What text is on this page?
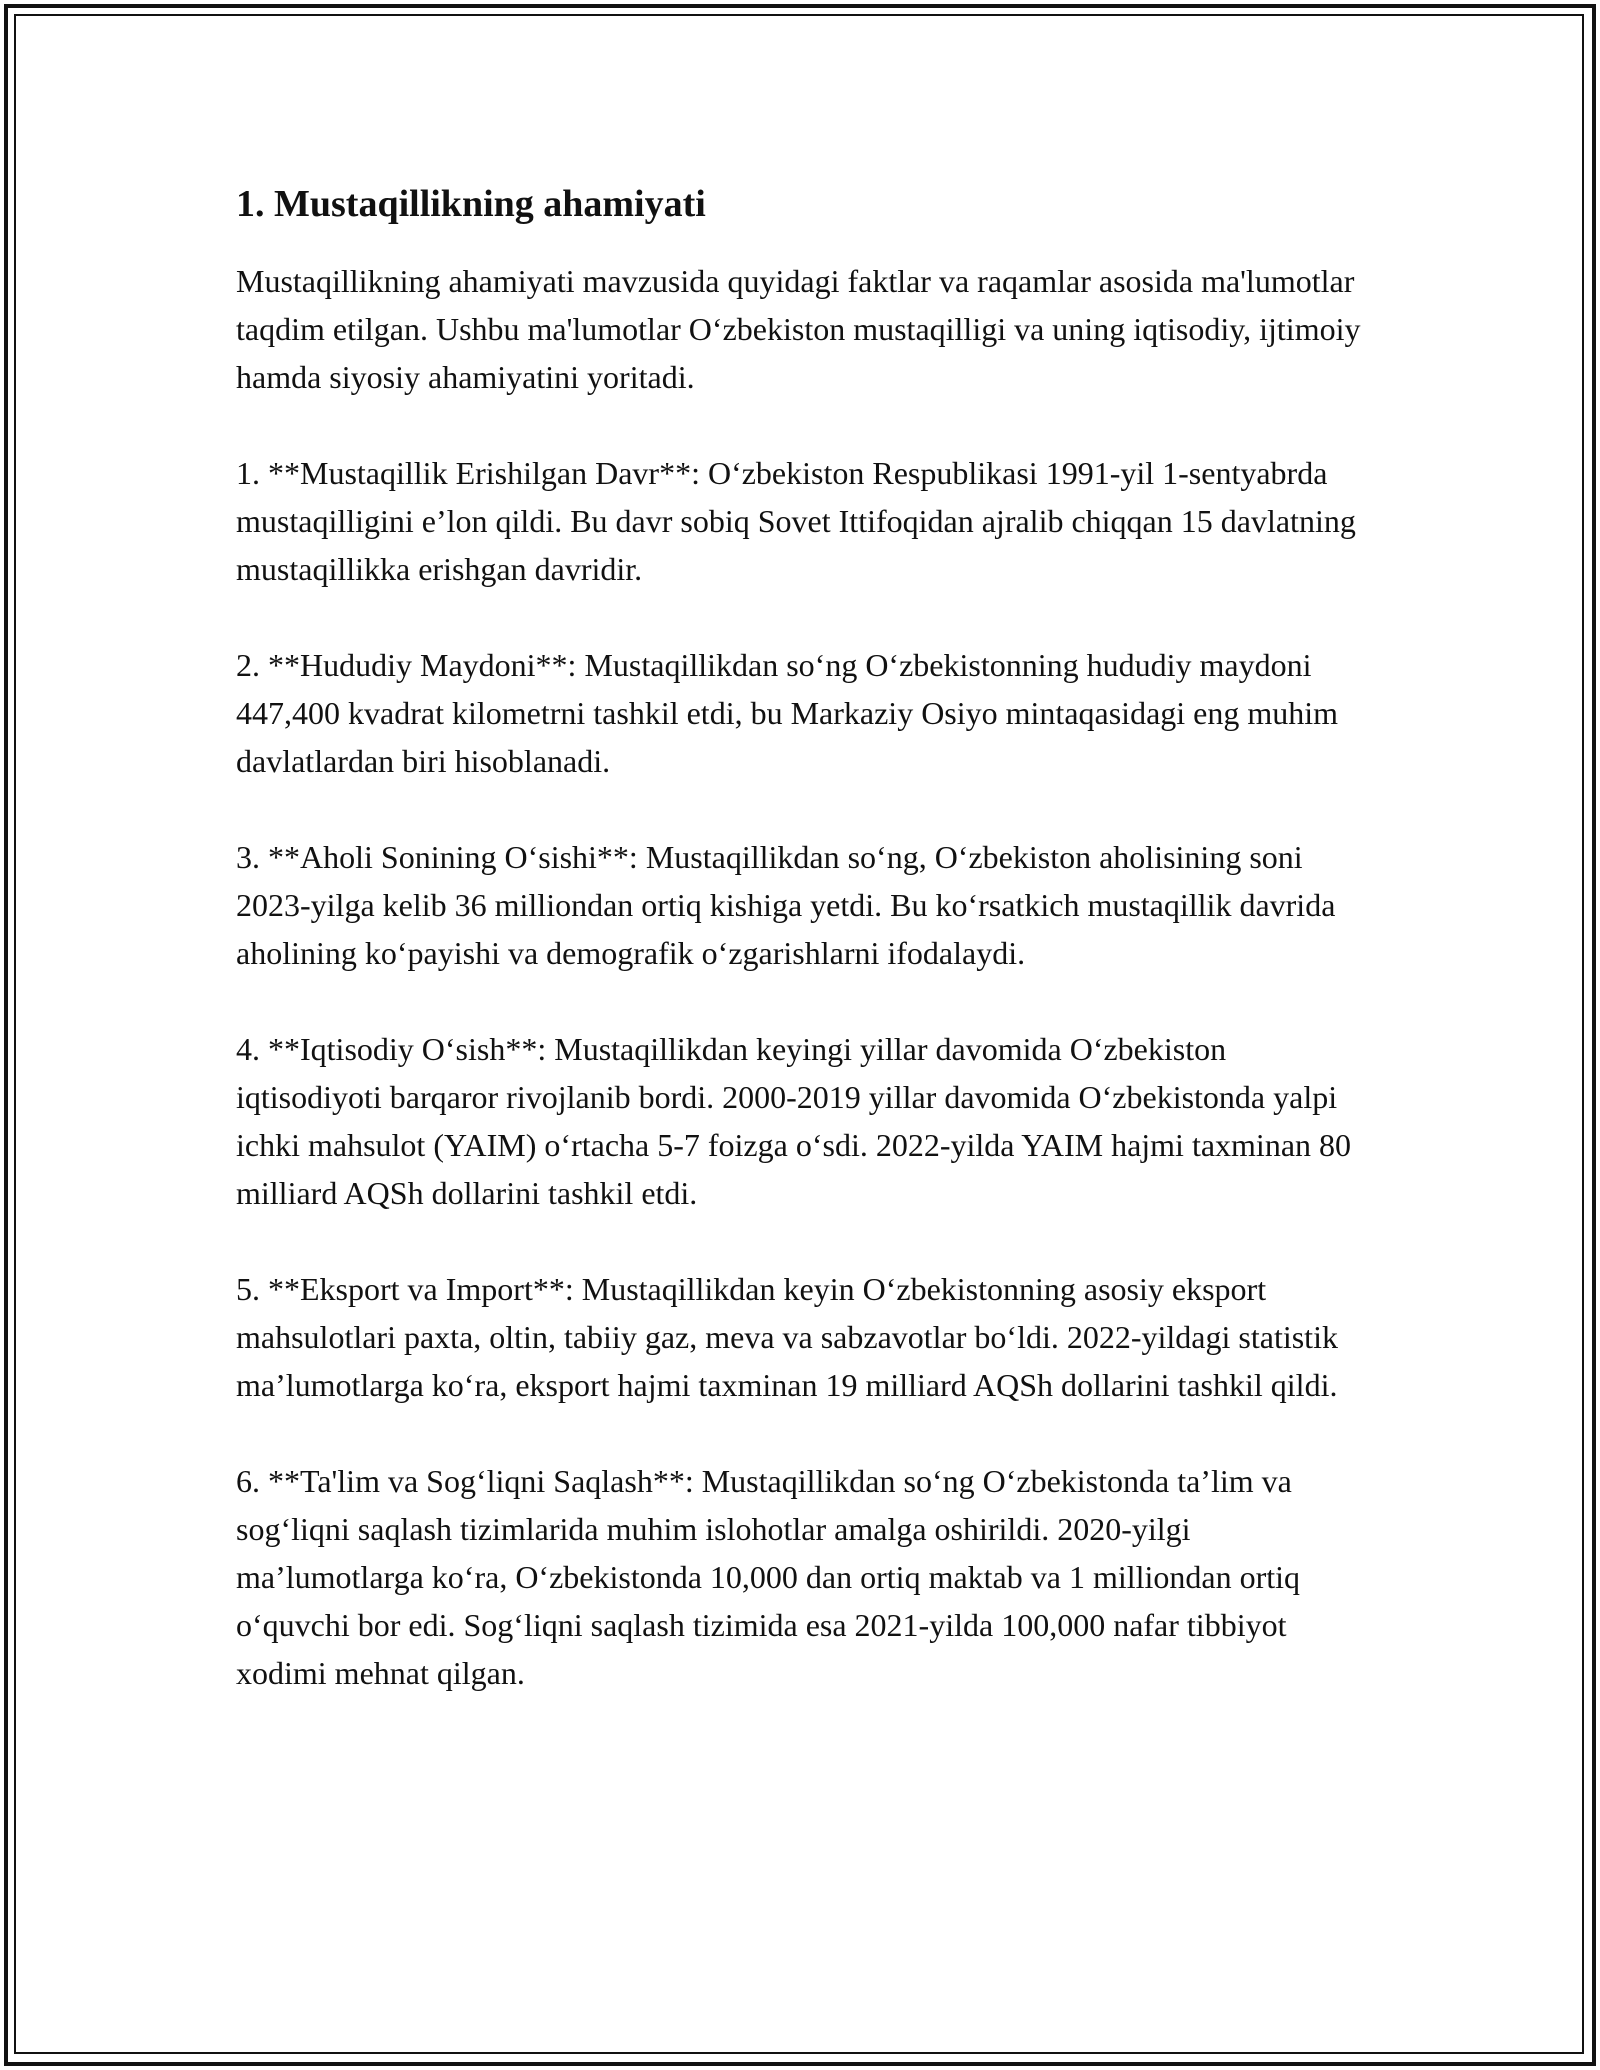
1. Mustaqillikning ahamiyati

Mustaqillikning ahamiyati mavzusida quyidagi faktlar va raqamlar asosida ma'lumotlar taqdim etilgan. Ushbu ma'lumotlar O‘zbekiston mustaqilligi va uning iqtisodiy, ijtimoiy hamda siyosiy ahamiyatini yoritadi.

1. **Mustaqillik Erishilgan Davr**: O‘zbekiston Respublikasi 1991-yil 1-sentyabrda mustaqilligini e’lon qildi. Bu davr sobiq Sovet Ittifoqidan ajralib chiqqan 15 davlatning mustaqillikka erishgan davridir.

2. **Hududiy Maydoni**: Mustaqillikdan so‘ng O‘zbekistonning hududiy maydoni 447,400 kvadrat kilometrni tashkil etdi, bu Markaziy Osiyo mintaqasidagi eng muhim davlatlardan biri hisoblanadi.

3. **Aholi Sonining O‘sishi**: Mustaqillikdan so‘ng, O‘zbekiston aholisining soni 2023-yilga kelib 36 milliondan ortiq kishiga yetdi. Bu ko‘rsatkich mustaqillik davrida aholining ko‘payishi va demografik o‘zgarishlarni ifodalaydi.

4. **Iqtisodiy O‘sish**: Mustaqillikdan keyingi yillar davomida O‘zbekiston iqtisodiyoti barqaror rivojlanib bordi. 2000-2019 yillar davomida O‘zbekistonda yalpi ichki mahsulot (YAIM) o‘rtacha 5-7 foizga o‘sdi. 2022-yilda YAIM hajmi taxminan 80 milliard AQSh dollarini tashkil etdi.

5. **Eksport va Import**: Mustaqillikdan keyin O‘zbekistonning asosiy eksport mahsulotlari paxta, oltin, tabiiy gaz, meva va sabzavotlar bo‘ldi. 2022-yildagi statistik ma’lumotlarga ko‘ra, eksport hajmi taxminan 19 milliard AQSh dollarini tashkil qildi.

6. **Ta'lim va Sog‘liqni Saqlash**: Mustaqillikdan so‘ng O‘zbekistonda ta’lim va sog‘liqni saqlash tizimlarida muhim islohotlar amalga oshirildi. 2020-yilgi ma’lumotlarga ko‘ra, O‘zbekistonda 10,000 dan ortiq maktab va 1 milliondan ortiq o‘quvchi bor edi. Sog‘liqni saqlash tizimida esa 2021-yilda 100,000 nafar tibbiyot xodimi mehnat qilgan.
